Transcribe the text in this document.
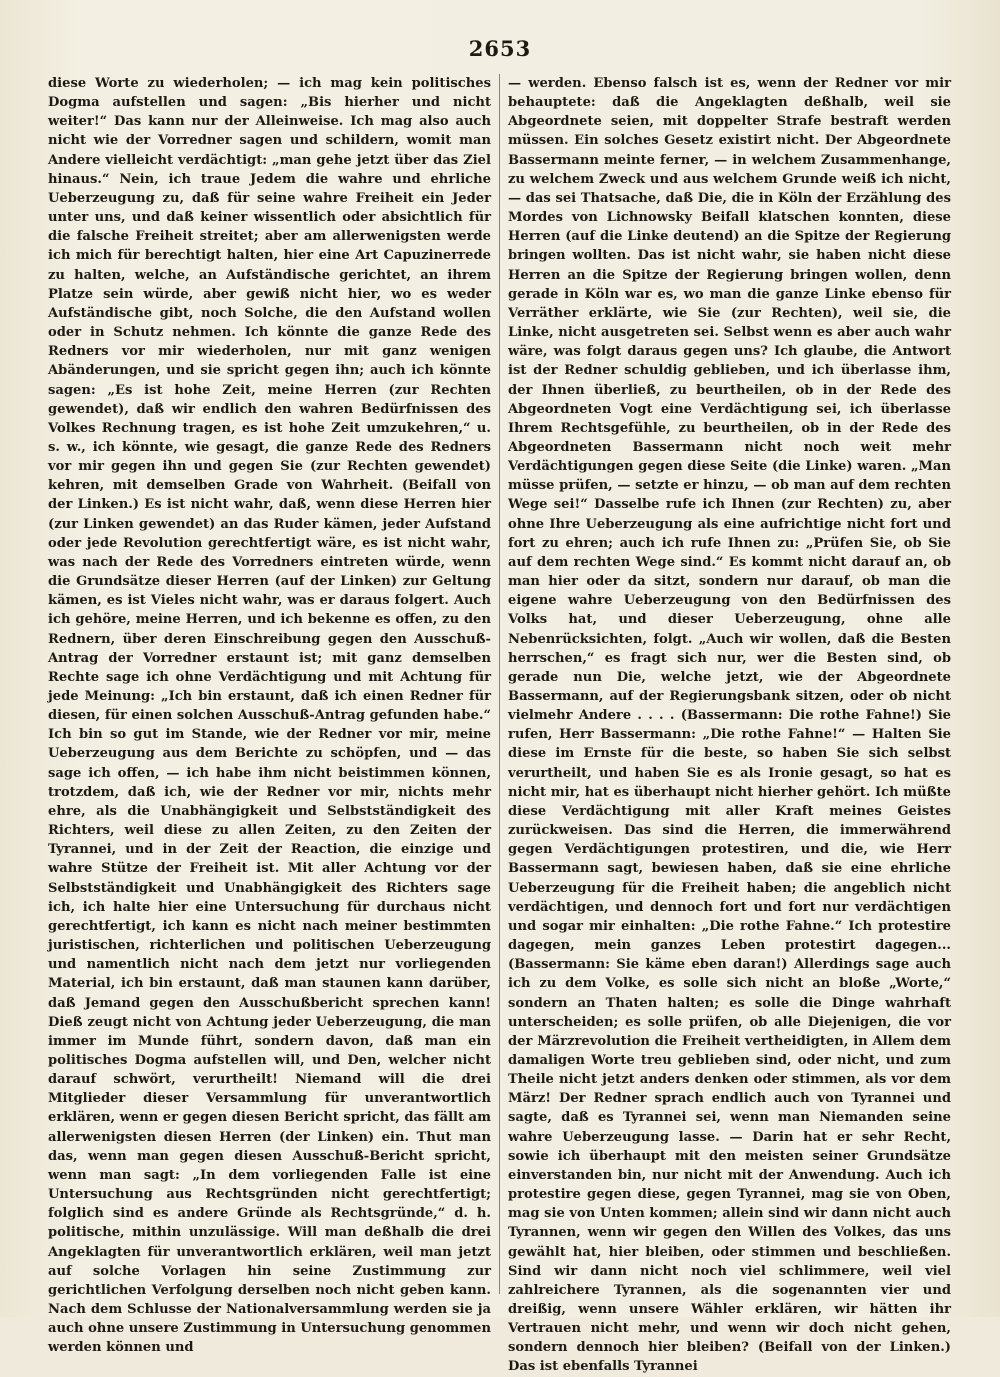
2653

diese Worte zu wiederholen; — ich mag kein politisches Dogma aufstellen und sagen: „Bis hierher und nicht weiter!“ Das kann nur der Alleinweise. Ich mag also auch nicht wie der Vorredner sagen und schildern, womit man Andere vielleicht verdächtigt: „man gehe jetzt über das Ziel hinaus.“ Nein, ich traue Jedem die wahre und ehrliche Ueberzeugung zu, daß für seine wahre Freiheit ein Jeder unter uns, und daß keiner wissentlich oder absichtlich für die falsche Freiheit streitet; aber am allerwenigsten werde ich mich für berechtigt halten, hier eine Art Capuzinerrede zu halten, welche, an Aufständische gerichtet, an ihrem Platze sein würde, aber gewiß nicht hier, wo es weder Aufständische gibt, noch Solche, die den Aufstand wollen oder in Schutz nehmen. Ich könnte die ganze Rede des Redners vor mir wiederholen, nur mit ganz wenigen Abänderungen, und sie spricht gegen ihn; auch ich könnte sagen: „Es ist hohe Zeit, meine Herren (zur Rechten gewendet), daß wir endlich den wahren Bedürfnissen des Volkes Rechnung tragen, es ist hohe Zeit umzukehren,“ u. s. w., ich könnte, wie gesagt, die ganze Rede des Redners vor mir gegen ihn und gegen Sie (zur Rechten gewendet) kehren, mit demselben Grade von Wahrheit. (Beifall von der Linken.) Es ist nicht wahr, daß, wenn diese Herren hier (zur Linken gewendet) an das Ruder kämen, jeder Aufstand oder jede Revolution gerechtfertigt wäre, es ist nicht wahr, was nach der Rede des Vorredners eintreten würde, wenn die Grundsätze dieser Herren (auf der Linken) zur Geltung kämen, es ist Vieles nicht wahr, was er daraus folgert. Auch ich gehöre, meine Herren, und ich bekenne es offen, zu den Rednern, über deren Einschreibung gegen den Ausschuß-Antrag der Vorredner erstaunt ist; mit ganz demselben Rechte sage ich ohne Verdächtigung und mit Achtung für jede Meinung: „Ich bin erstaunt, daß ich einen Redner für diesen, für einen solchen Ausschuß-Antrag gefunden habe.“ Ich bin so gut im Stande, wie der Redner vor mir, meine Ueberzeugung aus dem Berichte zu schöpfen, und — das sage ich offen, — ich habe ihm nicht beistimmen können, trotzdem, daß ich, wie der Redner vor mir, nichts mehr ehre, als die Unabhängigkeit und Selbstständigkeit des Richters, weil diese zu allen Zeiten, zu den Zeiten der Tyrannei, und in der Zeit der Reaction, die einzige und wahre Stütze der Freiheit ist. Mit aller Achtung vor der Selbstständigkeit und Unabhängigkeit des Richters sage ich, ich halte hier eine Untersuchung für durchaus nicht gerechtfertigt, ich kann es nicht nach meiner bestimmten juristischen, richterlichen und politischen Ueberzeugung und namentlich nicht nach dem jetzt nur vorliegenden Material, ich bin erstaunt, daß man staunen kann darüber, daß Jemand gegen den Ausschußbericht sprechen kann! Dieß zeugt nicht von Achtung jeder Ueberzeugung, die man immer im Munde führt, sondern davon, daß man ein politisches Dogma aufstellen will, und Den, welcher nicht darauf schwört, verurtheilt! Niemand will die drei Mitglieder dieser Versammlung für unverantwortlich erklären, wenn er gegen diesen Bericht spricht, das fällt am allerwenigsten diesen Herren (der Linken) ein. Thut man das, wenn man gegen diesen Ausschuß-Bericht spricht, wenn man sagt: „In dem vorliegenden Falle ist eine Untersuchung aus Rechtsgründen nicht gerechtfertigt; folglich sind es andere Gründe als Rechtsgründe,“ d. h. politische, mithin unzulässige. Will man deßhalb die drei Angeklagten für unverantwortlich erklären, weil man jetzt auf solche Vorlagen hin seine Zustimmung zur gerichtlichen Verfolgung derselben noch nicht geben kann. Nach dem Schlusse der Nationalversammlung werden sie ja auch ohne unsere Zustimmung in Untersuchung genommen werden können und

— werden. Ebenso falsch ist es, wenn der Redner vor mir behauptete: daß die Angeklagten deßhalb, weil sie Abgeordnete seien, mit doppelter Strafe bestraft werden müssen. Ein solches Gesetz existirt nicht. Der Abgeordnete Bassermann meinte ferner, — in welchem Zusammenhange, zu welchem Zweck und aus welchem Grunde weiß ich nicht, — das sei Thatsache, daß Die, die in Köln der Erzählung des Mordes von Lichnowsky Beifall klatschen konnten, diese Herren (auf die Linke deutend) an die Spitze der Regierung bringen wollten. Das ist nicht wahr, sie haben nicht diese Herren an die Spitze der Regierung bringen wollen, denn gerade in Köln war es, wo man die ganze Linke ebenso für Verräther erklärte, wie Sie (zur Rechten), weil sie, die Linke, nicht ausgetreten sei. Selbst wenn es aber auch wahr wäre, was folgt daraus gegen uns? Ich glaube, die Antwort ist der Redner schuldig geblieben, und ich überlasse ihm, der Ihnen überließ, zu beurtheilen, ob in der Rede des Abgeordneten Vogt eine Verdächtigung sei, ich überlasse Ihrem Rechtsgefühle, zu beurtheilen, ob in der Rede des Abgeordneten Bassermann nicht noch weit mehr Verdächtigungen gegen diese Seite (die Linke) waren. „Man müsse prüfen, — setzte er hinzu, — ob man auf dem rechten Wege sei!“ Dasselbe rufe ich Ihnen (zur Rechten) zu, aber ohne Ihre Ueberzeugung als eine aufrichtige nicht fort und fort zu ehren; auch ich rufe Ihnen zu: „Prüfen Sie, ob Sie auf dem rechten Wege sind.“ Es kommt nicht darauf an, ob man hier oder da sitzt, sondern nur darauf, ob man die eigene wahre Ueberzeugung von den Bedürfnissen des Volks hat, und dieser Ueberzeugung, ohne alle Nebenrücksichten, folgt. „Auch wir wollen, daß die Besten herrschen,“ es fragt sich nur, wer die Besten sind, ob gerade nun Die, welche jetzt, wie der Abgeordnete Bassermann, auf der Regierungsbank sitzen, oder ob nicht vielmehr Andere . . . . (Bassermann: Die rothe Fahne!) Sie rufen, Herr Bassermann: „Die rothe Fahne!“ — Halten Sie diese im Ernste für die beste, so haben Sie sich selbst verurtheilt, und haben Sie es als Ironie gesagt, so hat es nicht mir, hat es überhaupt nicht hierher gehört. Ich müßte diese Verdächtigung mit aller Kraft meines Geistes zurückweisen. Das sind die Herren, die immerwährend gegen Verdächtigungen protestiren, und die, wie Herr Bassermann sagt, bewiesen haben, daß sie eine ehrliche Ueberzeugung für die Freiheit haben; die angeblich nicht verdächtigen, und dennoch fort und fort nur verdächtigen und sogar mir einhalten: „Die rothe Fahne.“ Ich protestire dagegen, mein ganzes Leben protestirt dagegen... (Bassermann: Sie käme eben daran!) Allerdings sage auch ich zu dem Volke, es solle sich nicht an bloße „Worte,“ sondern an Thaten halten; es solle die Dinge wahrhaft unterscheiden; es solle prüfen, ob alle Diejenigen, die vor der Märzrevolution die Freiheit vertheidigten, in Allem dem damaligen Worte treu geblieben sind, oder nicht, und zum Theile nicht jetzt anders denken oder stimmen, als vor dem März! Der Redner sprach endlich auch von Tyrannei und sagte, daß es Tyrannei sei, wenn man Niemanden seine wahre Ueberzeugung lasse. — Darin hat er sehr Recht, sowie ich überhaupt mit den meisten seiner Grundsätze einverstanden bin, nur nicht mit der Anwendung. Auch ich protestire gegen diese, gegen Tyrannei, mag sie von Oben, mag sie von Unten kommen; allein sind wir dann nicht auch Tyrannen, wenn wir gegen den Willen des Volkes, das uns gewählt hat, hier bleiben, oder stimmen und beschließen. Sind wir dann nicht noch viel schlimmere, weil viel zahlreichere Tyrannen, als die sogenannten vier und dreißig, wenn unsere Wähler erklären, wir hätten ihr Vertrauen nicht mehr, und wenn wir doch nicht gehen, sondern dennoch hier bleiben? (Beifall von der Linken.) Das ist ebenfalls Tyrannei
